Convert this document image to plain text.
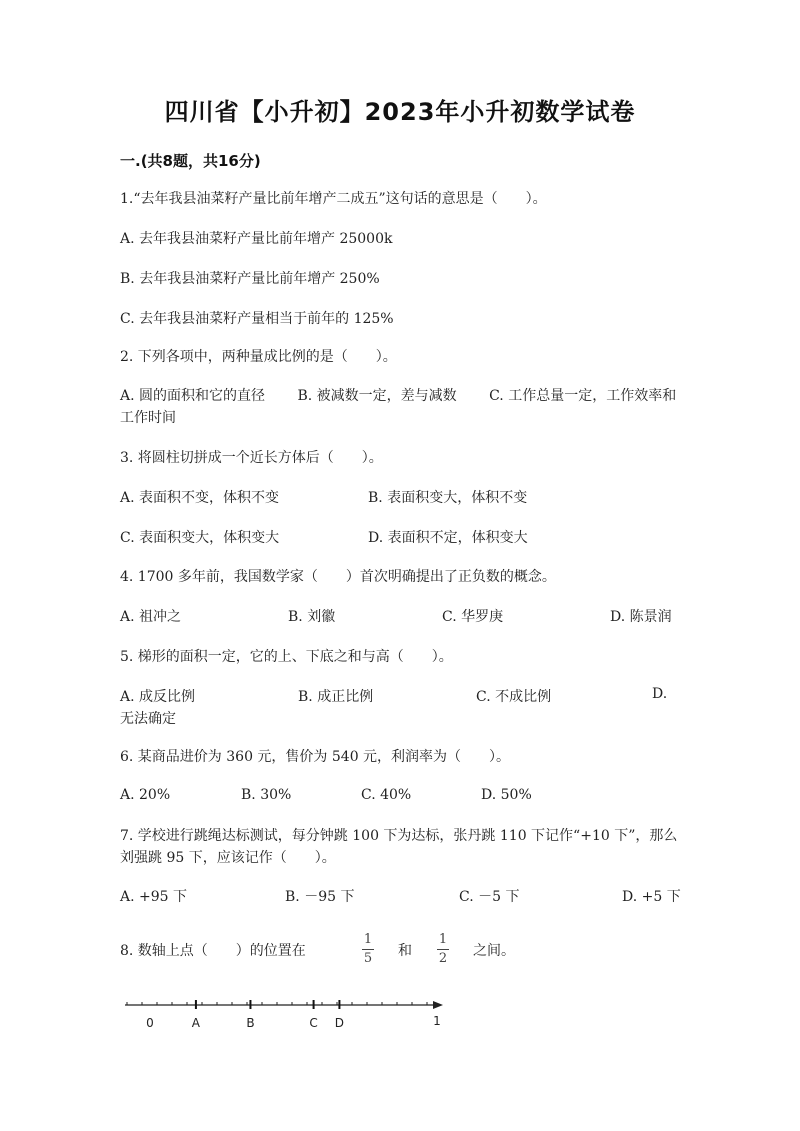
四川省【小升初】2023年小升初数学试卷
一.(共8题，共16分)
1.“去年我县油菜籽产量比前年增产二成五”这句话的意思是（　　）。
A. 去年我县油菜籽产量比前年增产 25000k
B. 去年我县油菜籽产量比前年增产 250%
C. 去年我县油菜籽产量相当于前年的 125%
2. 下列各项中，两种量成比例的是（　　）。
A. 圆的面积和它的直径　　 B. 被减数一定，差与减数　　 C. 工作总量一定，工作效率和工作时间
3. 将圆柱切拼成一个近长方体后（　　）。
A. 表面积不变，体积不变	B. 表面积变大，体积不变
C. 表面积变大，体积变大	D. 表面积不定，体积变大
4. 1700 多年前，我国数学家（　　）首次明确提出了正负数的概念。
A. 祖冲之	B. 刘徽	C. 华罗庚	D. 陈景润
5. 梯形的面积一定，它的上、下底之和与高（　　）。
A. 成反比例	B. 成正比例	C. 不成比例	D.
无法确定
6. 某商品进价为 360 元，售价为 540 元，利润率为（　　）。
A. 20%	B. 30%	C. 40%	D. 50%
7. 学校进行跳绳达标测试，每分钟跳 100 下为达标，张丹跳 110 下记作“+10 下”，那么刘强跳 95 下，应该记作（　　）。
A. +95 下	B. －95 下	C. －5 下	D. +5 下
8. 数轴上点（　　）的位置在
1
5	和
1
2	之间。
0	A	B	C D	1
